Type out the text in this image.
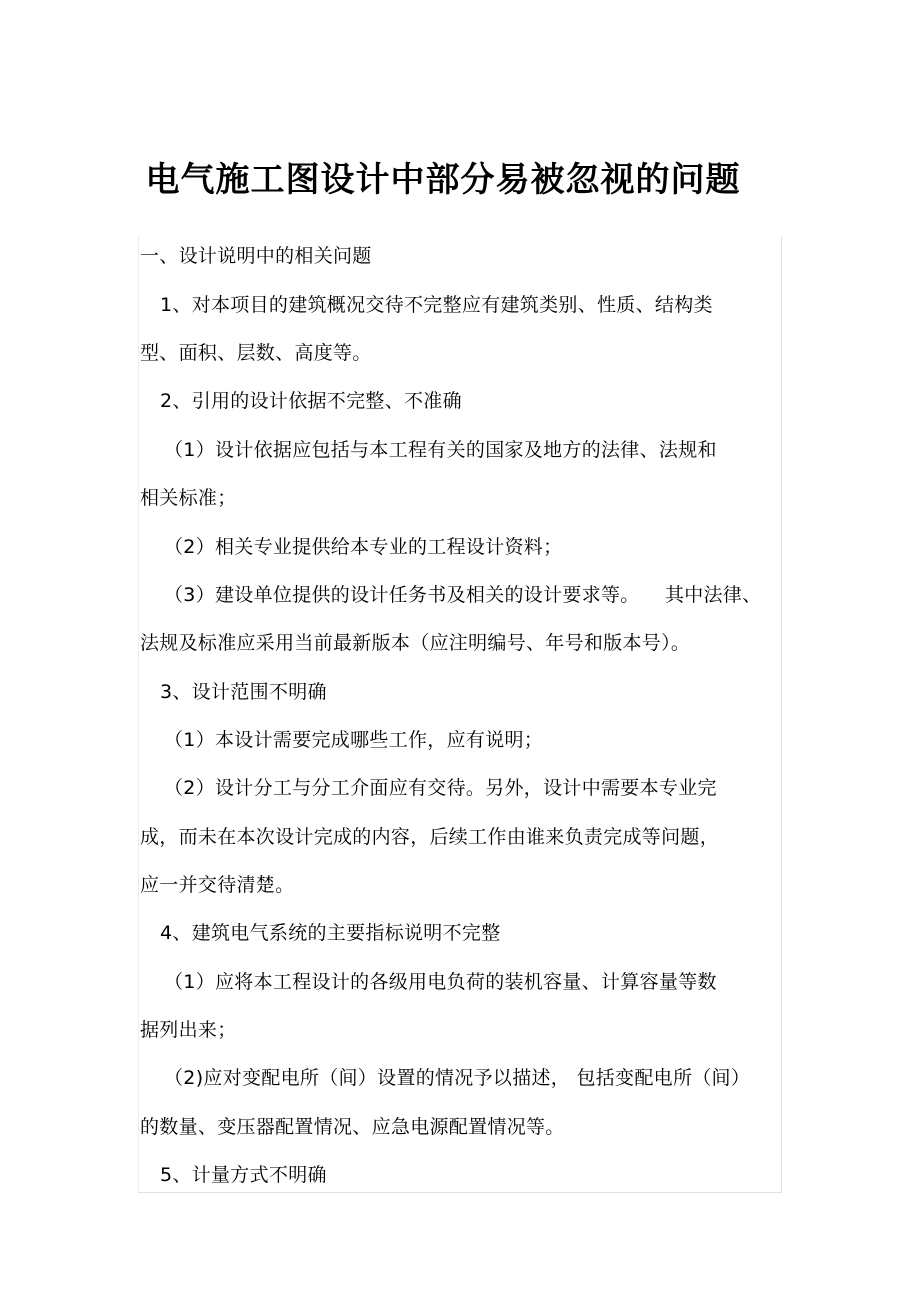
电气施工图设计中部分易被忽视的问题
一、设计说明中的相关问题
1、对本项目的建筑概况交待不完整应有建筑类别、性质、结构类
型、面积、层数、高度等。
2、引用的设计依据不完整、不准确
（1）设计依据应包括与本工程有关的国家及地方的法律、法规和
相关标准；
（2）相关专业提供给本专业的工程设计资料；
（3）建设单位提供的设计任务书及相关的设计要求等。    其中法律、
法规及标准应采用当前最新版本（应注明编号、年号和版本号）。
3、设计范围不明确
（1）本设计需要完成哪些工作，应有说明；
（2）设计分工与分工介面应有交待。另外，设计中需要本专业完
成，而未在本次设计完成的内容，后续工作由谁来负责完成等问题，
应一并交待清楚。
4、建筑电气系统的主要指标说明不完整
（1）应将本工程设计的各级用电负荷的装机容量、计算容量等数
据列出来；
（2)应对变配电所（间）设置的情况予以描述， 包括变配电所（间）
的数量、变压器配置情况、应急电源配置情况等。
5、计量方式不明确
